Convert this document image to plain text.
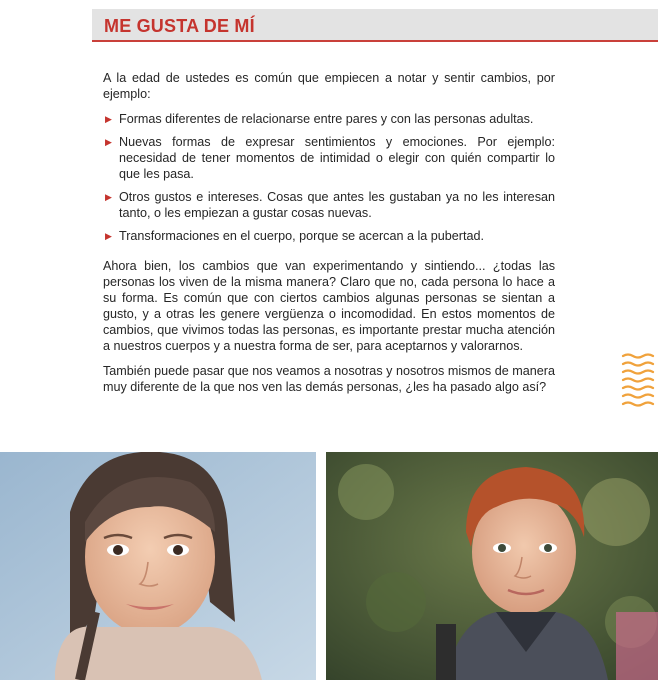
ME GUSTA DE MÍ

A la edad de ustedes es común que empiecen a notar y sentir cambios, por ejemplo:

▶ Formas diferentes de relacionarse entre pares y con las personas adultas.
▶ Nuevas formas de expresar sentimientos y emociones. Por ejemplo: necesidad de tener momentos de intimidad o elegir con quién compartir lo que les pasa.
▶ Otros gustos e intereses. Cosas que antes les gustaban ya no les interesan tanto, o les empiezan a gustar cosas nuevas.
▶ Transformaciones en el cuerpo, porque se acercan a la pubertad.

Ahora bien, los cambios que van experimentando y sintiendo... ¿todas las personas los viven de la misma manera? Claro que no, cada persona lo hace a su forma. Es común que con ciertos cambios algunas personas se sientan a gusto, y a otras les genere vergüenza o incomodidad. En estos momentos de cambios, que vivimos todas las personas, es importante prestar mucha atención a nuestros cuerpos y a nuestra forma de ser, para aceptarnos y valorarnos.

También puede pasar que nos veamos a nosotras y nosotros mismos de manera muy diferente de la que nos ven las demás personas, ¿les ha pasado algo así?
